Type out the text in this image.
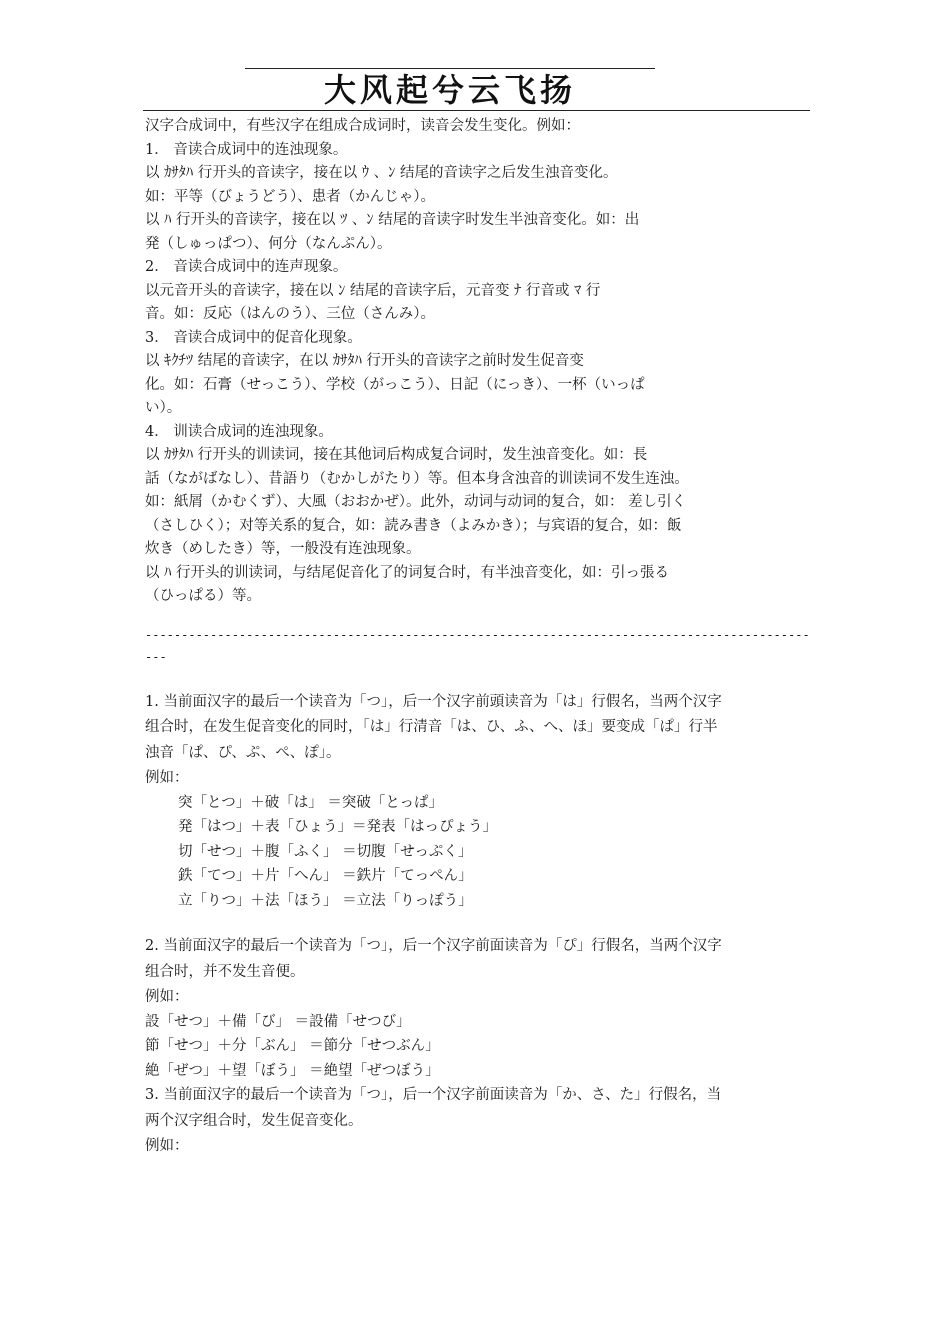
大风起兮云飞扬

汉字合成词中，有些汉字在组成合成词时，读音会发生变化。例如：

1． 音读合成词中的连浊现象。

以 ｶｻﾀﾊ 行开头的音读字，接在以 ｳ 、ﾝ 结尾的音读字之后发生浊音变化。

如：平等（びょうどう）、患者（かんじゃ）。

以 ﾊ 行开头的音读字，接在以 ﾂ 、ﾝ 结尾的音读字时发生半浊音变化。如：出

発（しゅっぱつ）、何分（なんぷん）。

2． 音读合成词中的连声现象。

以元音开头的音读字，接在以 ﾝ 结尾的音读字后，元音变 ﾅ 行音或 ﾏ 行

音。如：反応（はんのう）、三位（さんみ）。

3． 音读合成词中的促音化现象。

以 ｷｸﾁﾂ 结尾的音读字，在以 ｶｻﾀﾊ 行开头的音读字之前时发生促音变

化。如：石膏（せっこう）、学校（がっこう）、日記（にっき）、一杯（いっぱ

い）。

4． 训读合成词的连浊现象。

以 ｶｻﾀﾊ 行开头的训读词，接在其他词后构成复合词时，发生浊音变化。如：長

話（ながばなし）、昔語り（むかしがたり）等。但本身含浊音的训读词不发生连浊。

如：紙屑（かむくず）、大風（おおかぜ）。此外，动词与动词的复合，如： 差し引く

（さしひく）；对等关系的复合，如：読み書き（よみかき）；与宾语的复合，如：飯

炊き（めしたき）等，一般没有连浊现象。

以 ﾊ 行开头的训读词，与结尾促音化了的词复合时，有半浊音变化，如：引っ張る

（ひっぱる）等。

-----------------------------------------------------------------------------------------------

1. 当前面汉字的最后一个读音为「つ」，后一个汉字前頭读音为「は」行假名，当两个汉字

组合时，在发生促音变化的同时，「は」行清音「は、ひ、ふ、へ、ほ」要变成「ぱ」行半

浊音「ぱ、ぴ、ぷ、ぺ、ぽ」。

例如：

突「とつ」＋破「は」 ＝突破「とっぱ」

発「はつ」＋表「ひょう」＝発表「はっぴょう」

切「せつ」＋腹「ふく」 ＝切腹「せっぷく」

鉄「てつ」＋片「へん」 ＝鉄片「てっぺん」

立「りつ」＋法「ほう」 ＝立法「りっぽう」

2. 当前面汉字的最后一个读音为「つ」，后一个汉字前面读音为「ぴ」行假名，当两个汉字

组合时，并不发生音便。

例如：

設「せつ」＋備「び」 ＝設備「せつび」

節「せつ」＋分「ぶん」 ＝節分「せつぶん」

絶「ぜつ」＋望「ぼう」 ＝絶望「ぜつぼう」

3. 当前面汉字的最后一个读音为「つ」，后一个汉字前面读音为「か、さ、た」行假名，当

两个汉字组合时，发生促音变化。

例如：
